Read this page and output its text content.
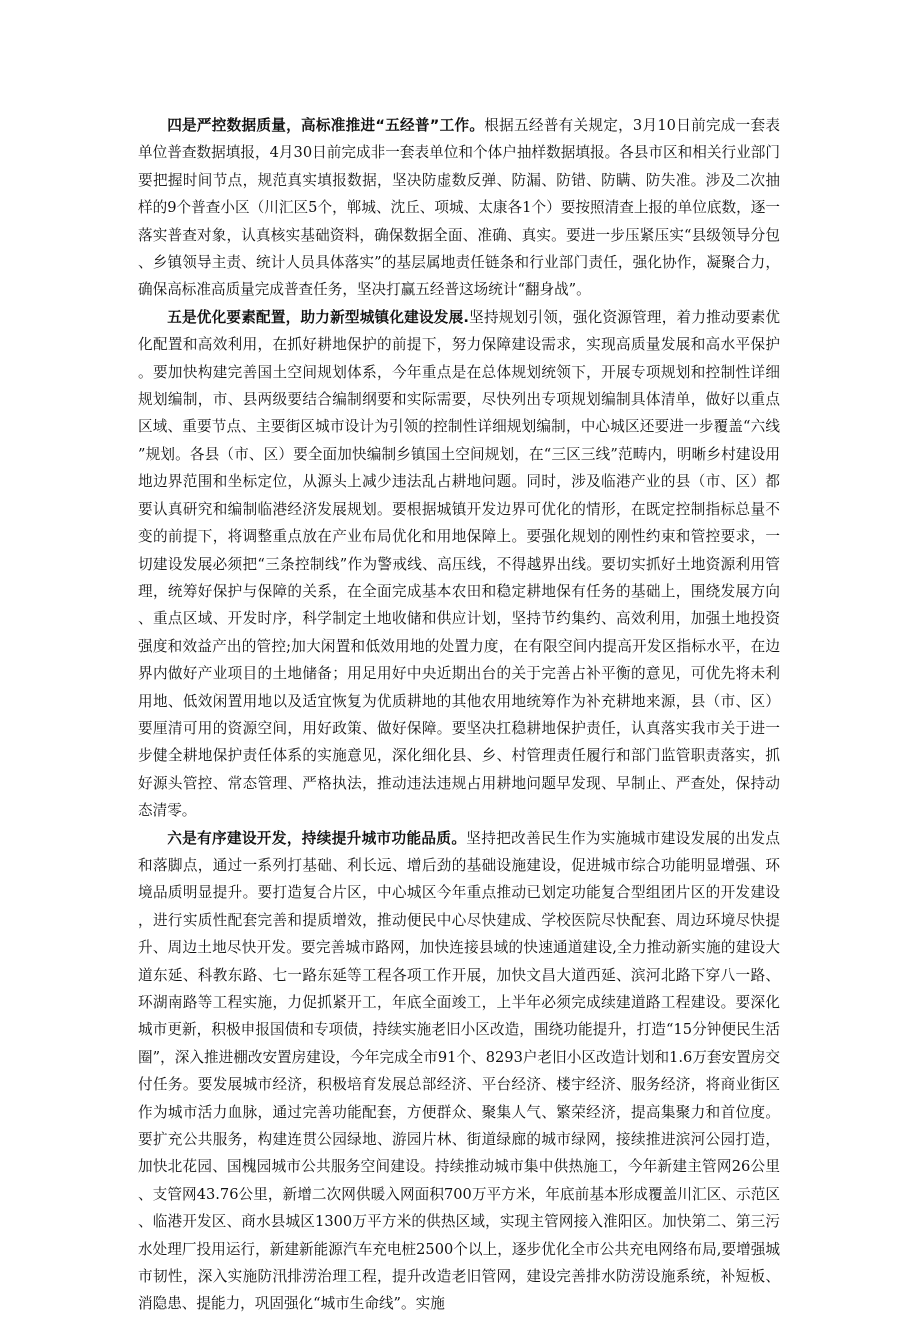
四是严控数据质量，高标准推进“五经普”工作。根据五经普有关规定，3月10日前完成一套表单位普查数据填报，4月30日前完成非一套表单位和个体户抽样数据填报。各县市区和相关行业部门要把握时间节点，规范真实填报数据，坚决防虚数反弹、防漏、防错、防瞒、防失准。涉及二次抽样的9个普查小区（川汇区5个，郸城、沈丘、项城、太康各1个）要按照清查上报的单位底数，逐一落实普查对象，认真核实基础资料，确保数据全面、准确、真实。要进一步压紧压实“县级领导分包、乡镇领导主责、统计人员具体落实”的基层属地责任链条和行业部门责任，强化协作，凝聚合力，确保高标准高质量完成普查任务，坚决打赢五经普这场统计“翻身战”。

五是优化要素配置，助力新型城镇化建设发展.坚持规划引领，强化资源管理，着力推动要素优化配置和高效利用，在抓好耕地保护的前提下，努力保障建设需求，实现高质量发展和高水平保护。要加快构建完善国土空间规划体系，今年重点是在总体规划统领下，开展专项规划和控制性详细规划编制，市、县两级要结合编制纲要和实际需要，尽快列出专项规划编制具体清单，做好以重点区域、重要节点、主要街区城市设计为引领的控制性详细规划编制，中心城区还要进一步覆盖“六线”规划。各县（市、区）要全面加快编制乡镇国土空间规划，在“三区三线”范畴内，明晰乡村建设用地边界范围和坐标定位，从源头上减少违法乱占耕地问题。同时，涉及临港产业的县（市、区）都要认真研究和编制临港经济发展规划。要根据城镇开发边界可优化的情形，在既定控制指标总量不变的前提下，将调整重点放在产业布局优化和用地保障上。要强化规划的刚性约束和管控要求，一切建设发展必须把“三条控制线”作为警戒线、高压线，不得越界出线。要切实抓好土地资源利用管理，统筹好保护与保障的关系，在全面完成基本农田和稳定耕地保有任务的基础上，围绕发展方向、重点区域、开发时序，科学制定土地收储和供应计划，坚持节约集约、高效利用，加强土地投资强度和效益产出的管控;加大闲置和低效用地的处置力度，在有限空间内提高开发区指标水平，在边界内做好产业项目的土地储备；用足用好中央近期出台的关于完善占补平衡的意见，可优先将未利用地、低效闲置用地以及适宜恢复为优质耕地的其他农用地统筹作为补充耕地来源，县（市、区）要厘清可用的资源空间，用好政策、做好保障。要坚决扛稳耕地保护责任，认真落实我市关于进一步健全耕地保护责任体系的实施意见，深化细化县、乡、村管理责任履行和部门监管职责落实，抓好源头管控、常态管理、严格执法，推动违法违规占用耕地问题早发现、早制止、严查处，保持动态清零。

六是有序建设开发，持续提升城市功能品质。坚持把改善民生作为实施城市建设发展的出发点和落脚点，通过一系列打基础、利长远、增后劲的基础设施建设，促进城市综合功能明显增强、环境品质明显提升。要打造复合片区，中心城区今年重点推动已划定功能复合型组团片区的开发建设，进行实质性配套完善和提质增效，推动便民中心尽快建成、学校医院尽快配套、周边环境尽快提升、周边土地尽快开发。要完善城市路网，加快连接县域的快速通道建设,全力推动新实施的建设大道东延、科教东路、七一路东延等工程各项工作开展，加快文昌大道西延、滨河北路下穿八一路、环湖南路等工程实施，力促抓紧开工，年底全面竣工，上半年必须完成续建道路工程建设。要深化城市更新，积极申报国债和专项债，持续实施老旧小区改造，围绕功能提升，打造“15分钟便民生活圈”，深入推进棚改安置房建设，今年完成全市91个、8293户老旧小区改造计划和1.6万套安置房交付任务。要发展城市经济，积极培育发展总部经济、平台经济、楼宇经济、服务经济，将商业街区作为城市活力血脉，通过完善功能配套，方便群众、聚集人气、繁荣经济，提高集聚力和首位度。要扩充公共服务，构建连贯公园绿地、游园片林、街道绿廊的城市绿网，接续推进滨河公园打造，加快北花园、国槐园城市公共服务空间建设。持续推动城市集中供热施工，今年新建主管网26公里、支管网43.76公里，新增二次网供暖入网面积700万平方米，年底前基本形成覆盖川汇区、示范区、临港开发区、商水县城区1300万平方米的供热区域，实现主管网接入淮阳区。加快第二、第三污水处理厂投用运行，新建新能源汽车充电桩2500个以上，逐步优化全市公共充电网络布局,要增强城市韧性，深入实施防汛排涝治理工程，提升改造老旧管网，建设完善排水防涝设施系统，补短板、消隐患、提能力，巩固强化“城市生命线”。实施
